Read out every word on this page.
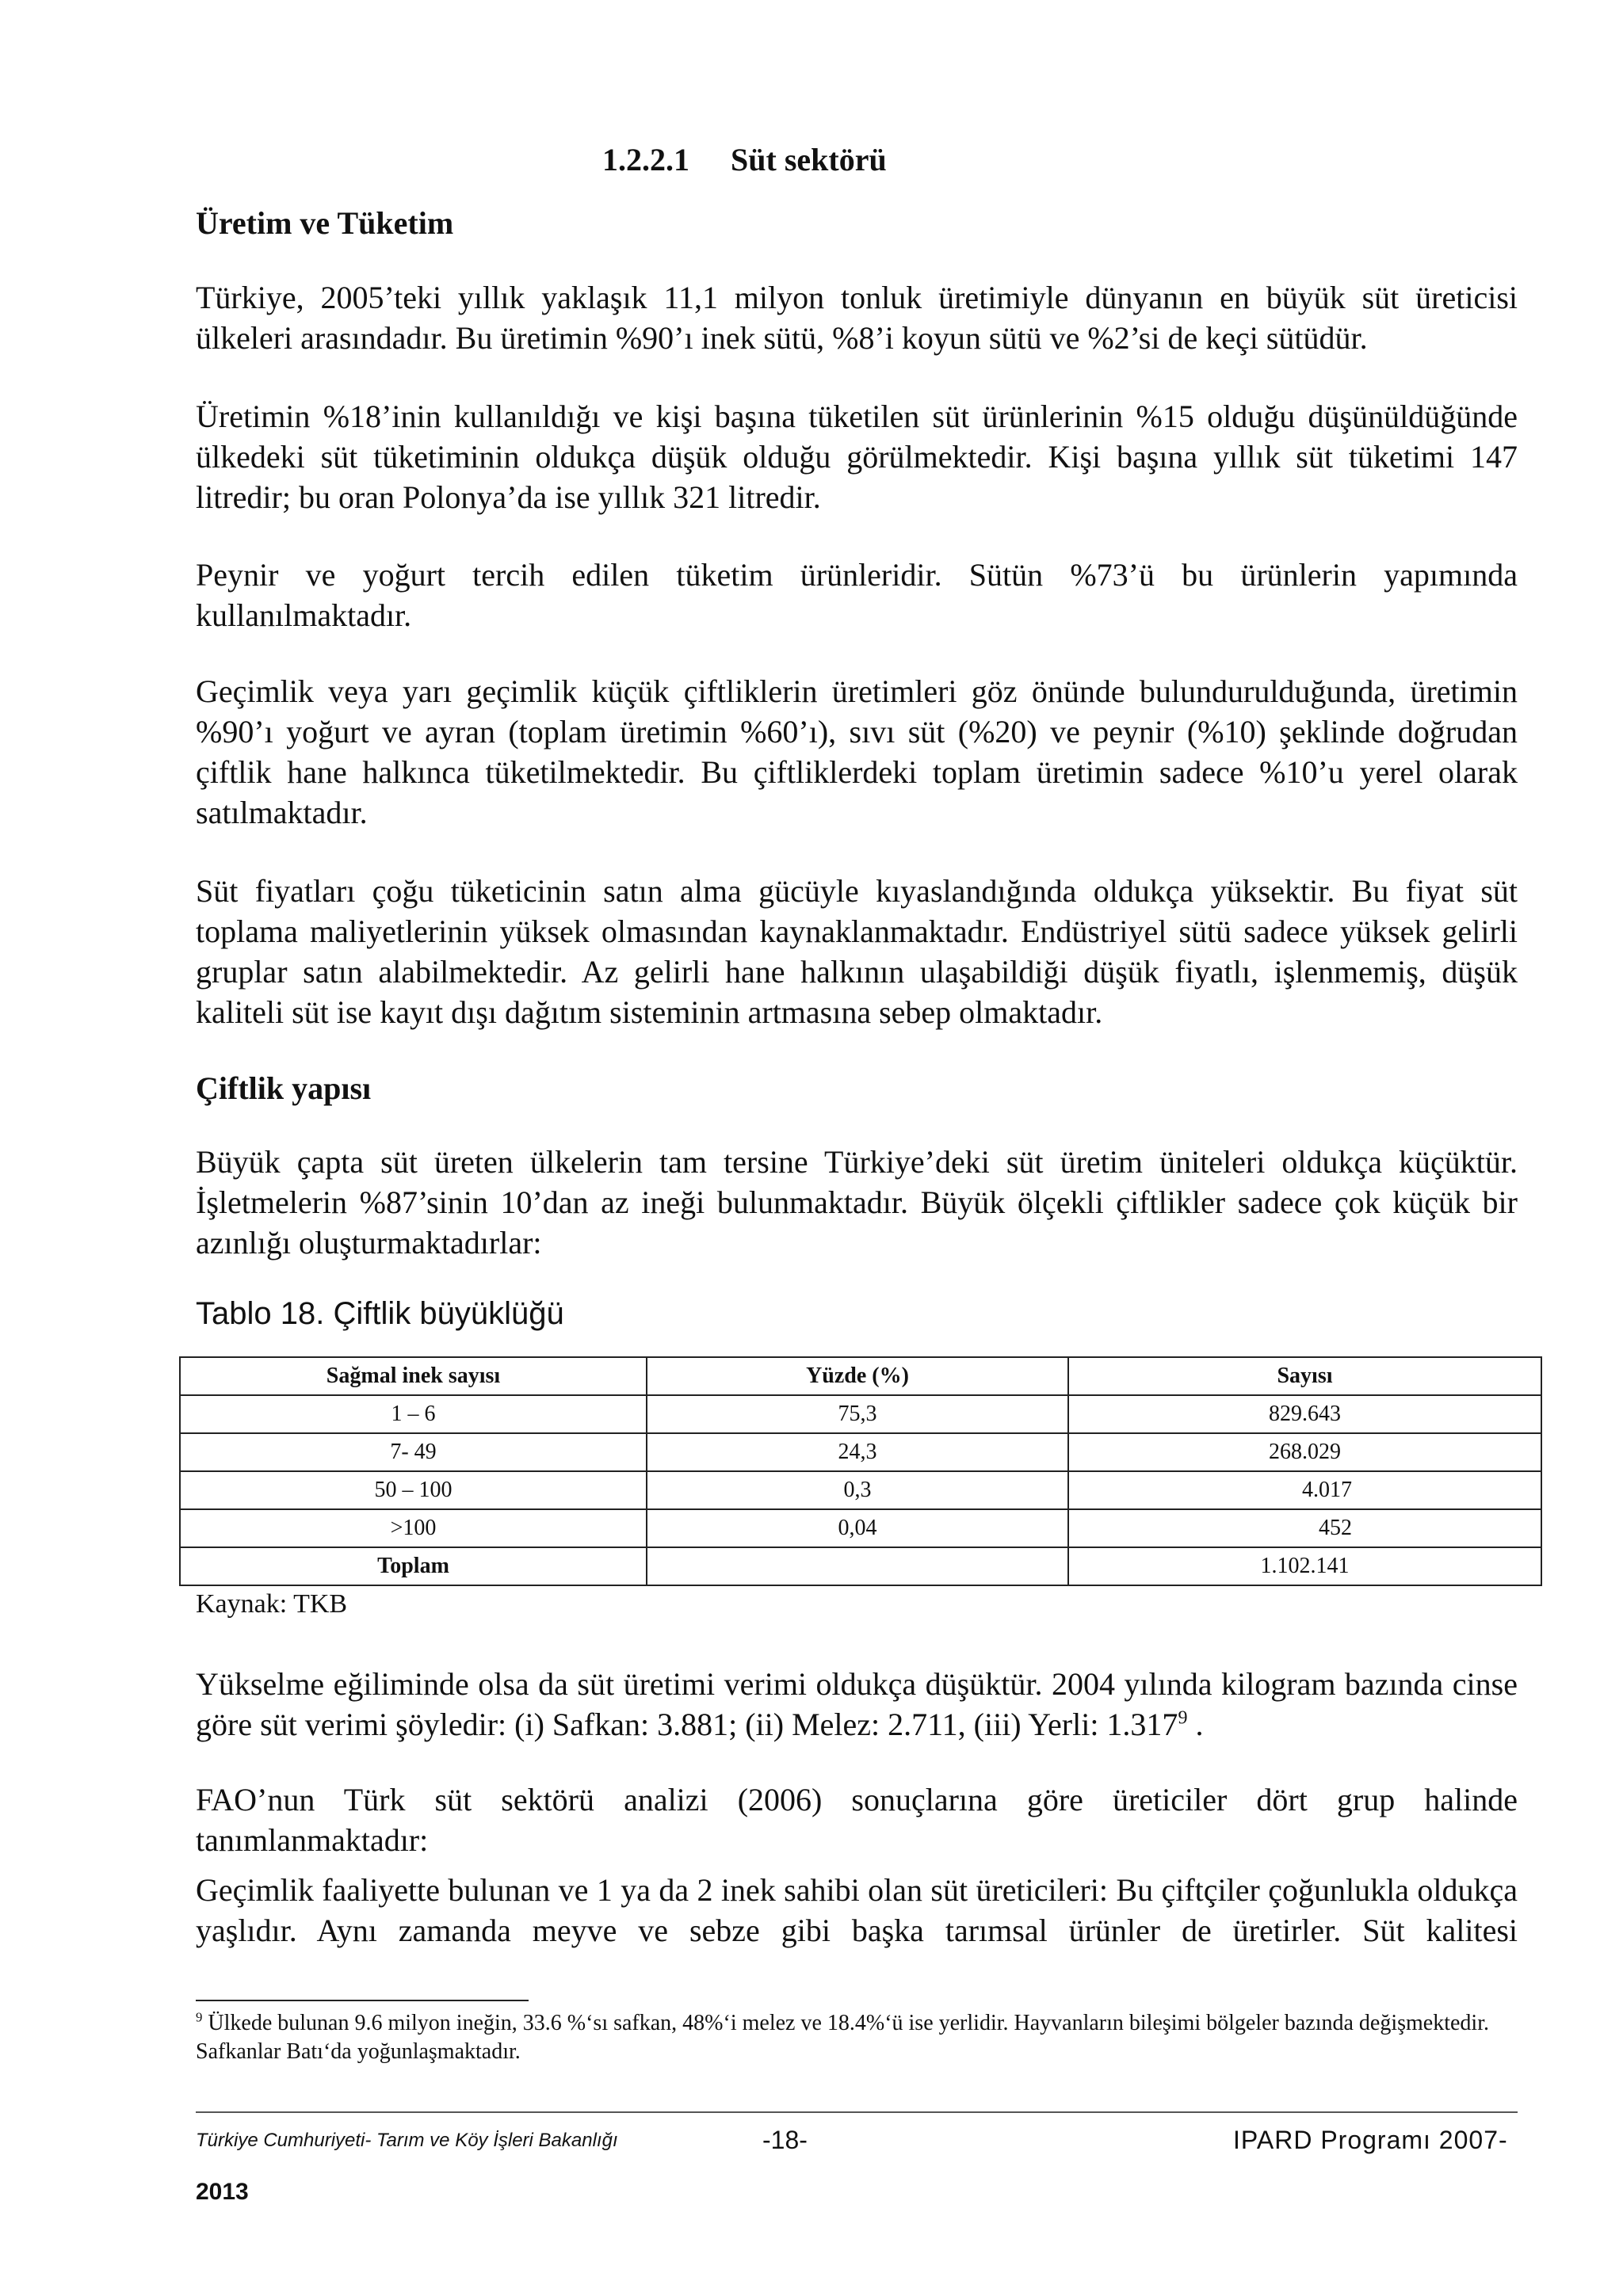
1.2.2.1 Süt sektörü
Üretim ve Tüketim

Türkiye, 2005’teki yıllık yaklaşık 11,1 milyon tonluk üretimiyle dünyanın en büyük süt üreticisi ülkeleri arasındadır. Bu üretimin %90’ı inek sütü, %8’i koyun sütü ve %2’si de keçi sütüdür.

Üretimin %18’inin kullanıldığı ve kişi başına tüketilen süt ürünlerinin %15 olduğu düşünüldüğünde ülkedeki süt tüketiminin oldukça düşük olduğu görülmektedir. Kişi başına yıllık süt tüketimi 147 litredir; bu oran Polonya’da ise yıllık 321 litredir.

Peynir ve yoğurt tercih edilen tüketim ürünleridir. Sütün %73’ü bu ürünlerin yapımında kullanılmaktadır.

Geçimlik veya yarı geçimlik küçük çiftliklerin üretimleri göz önünde bulundurulduğunda, üretimin %90’ı yoğurt ve ayran (toplam üretimin %60’ı), sıvı süt (%20) ve peynir (%10) şeklinde doğrudan çiftlik hane halkınca tüketilmektedir. Bu çiftliklerdeki toplam üretimin sadece %10’u yerel olarak satılmaktadır.

Süt fiyatları çoğu tüketicinin satın alma gücüyle kıyaslandığında oldukça yüksektir. Bu fiyat süt toplama maliyetlerinin yüksek olmasından kaynaklanmaktadır. Endüstriyel sütü sadece yüksek gelirli gruplar satın alabilmektedir. Az gelirli hane halkının ulaşabildiği düşük fiyatlı, işlenmemiş, düşük kaliteli süt ise kayıt dışı dağıtım sisteminin artmasına sebep olmaktadır.

Çiftlik yapısı

Büyük çapta süt üreten ülkelerin tam tersine Türkiye’deki süt üretim üniteleri oldukça küçüktür. İşletmelerin %87’sinin 10’dan az ineği bulunmaktadır. Büyük ölçekli çiftlikler sadece çok küçük bir azınlığı oluşturmaktadırlar:

Tablo 18. Çiftlik büyüklüğü
Sağmal inek sayısı	Yüzde (%)	Sayısı
1 – 6	75,3	829.643
7- 49	24,3	268.029
50 – 100	0,3	4.017
>100	0,04	452
Toplam		1.102.141
Kaynak: TKB

Yükselme eğiliminde olsa da süt üretimi verimi oldukça düşüktür. 2004 yılında kilogram bazında cinse göre süt verimi şöyledir: (i) Safkan: 3.881; (ii) Melez: 2.711, (iii) Yerli: 1.317$^9$ .

FAO’nun Türk süt sektörü analizi (2006) sonuçlarına göre üreticiler dört grup halinde tanımlanmaktadır:

Geçimlik faaliyette bulunan ve 1 ya da 2 inek sahibi olan süt üreticileri: Bu çiftçiler çoğunlukla oldukça yaşlıdır. Aynı zamanda meyve ve sebze gibi başka tarımsal ürünler de üretirler. Süt kalitesi

$^9$ Ülkede bulunan 9.6 milyon ineğin, 33.6 %‘sı safkan, 48%‘i melez ve 18.4%‘ü ise yerlidir. Hayvanların bileşimi bölgeler bazında değişmektedir. Safkanlar Batı‘da yoğunlaşmaktadır.

Türkiye Cumhuriyeti- Tarım ve Köy İşleri Bakanlığı	-18-	IPARD Programı 2007-
2013
